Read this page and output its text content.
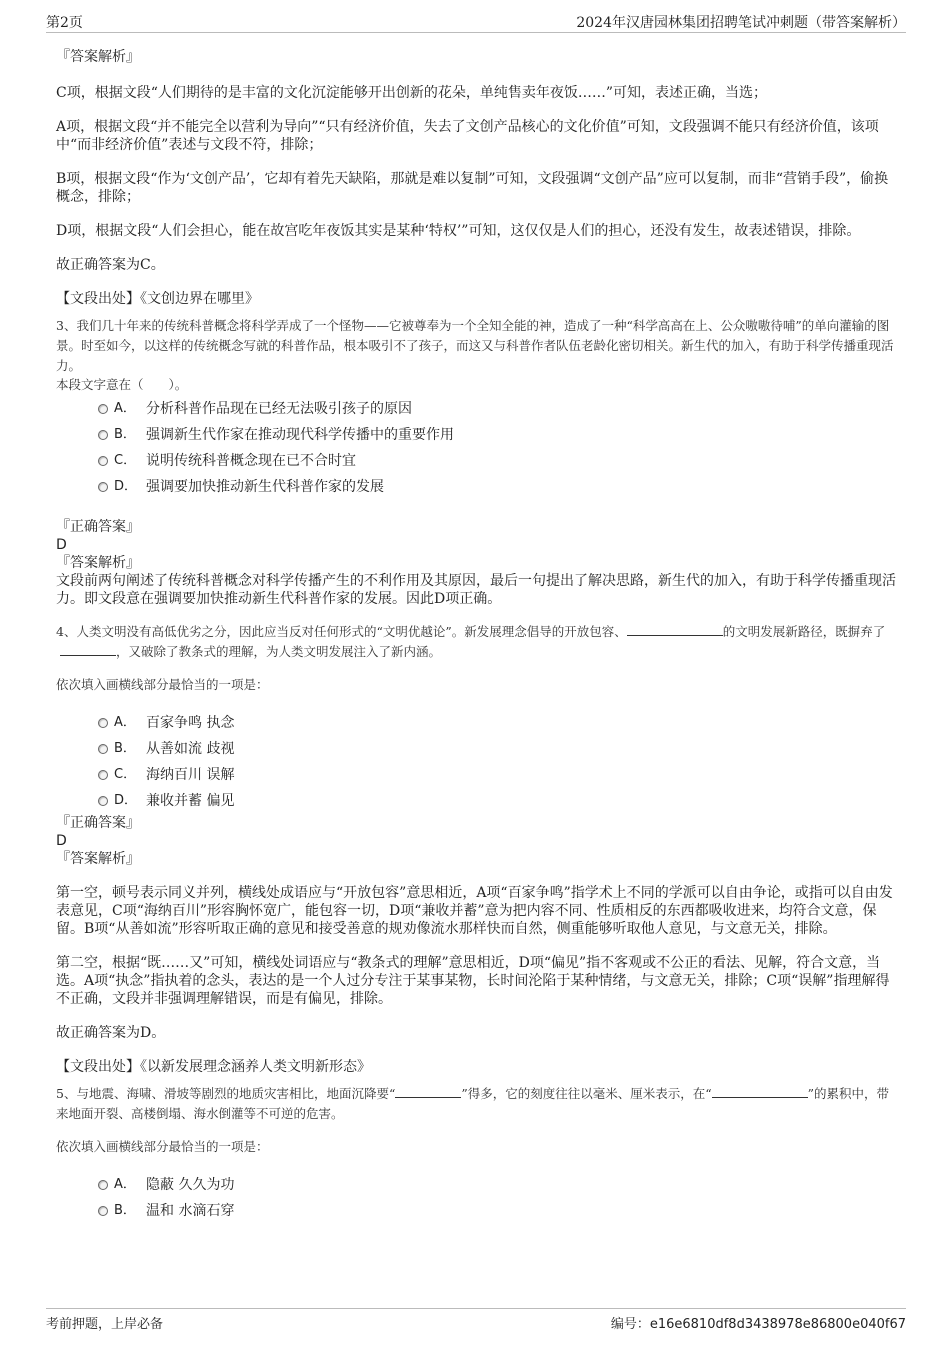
第2页	2024年汉唐园林集团招聘笔试冲刺题（带答案解析）

『答案解析』

C项，根据文段“人们期待的是丰富的文化沉淀能够开出创新的花朵，单纯售卖年夜饭……”可知，表述正确，当选；

A项，根据文段“并不能完全以营利为导向”“只有经济价值，失去了文创产品核心的文化价值”可知，文段强调不能只有经济价值，该项中“而非经济价值”表述与文段不符，排除；

B项，根据文段“作为‘文创产品’，它却有着先天缺陷，那就是难以复制”可知，文段强调“文创产品”应可以复制，而非“营销手段”，偷换概念，排除；

D项，根据文段“人们会担心，能在故宫吃年夜饭其实是某种‘特权’”可知，这仅仅是人们的担心，还没有发生，故表述错误，排除。

故正确答案为C。

【文段出处】《文创边界在哪里》

3、我们几十年来的传统科普概念将科学弄成了一个怪物——它被尊奉为一个全知全能的神，造成了一种“科学高高在上、公众嗷嗷待哺”的单向灌输的图景。时至如今，以这样的传统概念写就的科普作品，根本吸引不了孩子，而这又与科普作者队伍老龄化密切相关。新生代的加入，有助于科学传播重现活力。

本段文字意在（　　）。

A． 分析科普作品现在已经无法吸引孩子的原因
B． 强调新生代作家在推动现代科学传播中的重要作用
C． 说明传统科普概念现在已不合时宜
D． 强调要加快推动新生代科普作家的发展

『正确答案』

D

『答案解析』

文段前两句阐述了传统科普概念对科学传播产生的不利作用及其原因，最后一句提出了解决思路，新生代的加入，有助于科学传播重现活力。即文段意在强调要加快推动新生代科普作家的发展。因此D项正确。

4、人类文明没有高低优劣之分，因此应当反对任何形式的“文明优越论”。新发展理念倡导的开放包容、	的文明发展新路径，既摒弃了，又破除了教条式的理解，为人类文明发展注入了新内涵。

依次填入画横线部分最恰当的一项是：

A． 百家争鸣 执念
B． 从善如流 歧视
C． 海纳百川 误解
D． 兼收并蓄 偏见

『正确答案』

D

『答案解析』

第一空，顿号表示同义并列，横线处成语应与“开放包容”意思相近，A项“百家争鸣”指学术上不同的学派可以自由争论，或指可以自由发表意见，C项“海纳百川”形容胸怀宽广，能包容一切，D项“兼收并蓄”意为把内容不同、性质相反的东西都吸收进来，均符合文意，保留。B项“从善如流”形容听取正确的意见和接受善意的规劝像流水那样快而自然，侧重能够听取他人意见，与文意无关，排除。

第二空，根据“既……又”可知，横线处词语应与“教条式的理解”意思相近，D项“偏见”指不客观或不公正的看法、见解，符合文意，当选。A项“执念”指执着的念头，表达的是一个人过分专注于某事某物，长时间沦陷于某种情绪，与文意无关，排除；C项“误解”指理解得不正确，文段并非强调理解错误，而是有偏见，排除。

故正确答案为D。

【文段出处】《以新发展理念涵养人类文明新形态》

5、与地震、海啸、滑坡等剧烈的地质灾害相比，地面沉降要“	”得多，它的刻度往往以毫米、厘米表示，在“	”的累积中，带来地面开裂、高楼倒塌、海水倒灌等不可逆的危害。

依次填入画横线部分最恰当的一项是：

A． 隐蔽 久久为功
B． 温和 水滴石穿
考前押题，上岸必备	编号：e16e6810df8d3438978e86800e040f67
